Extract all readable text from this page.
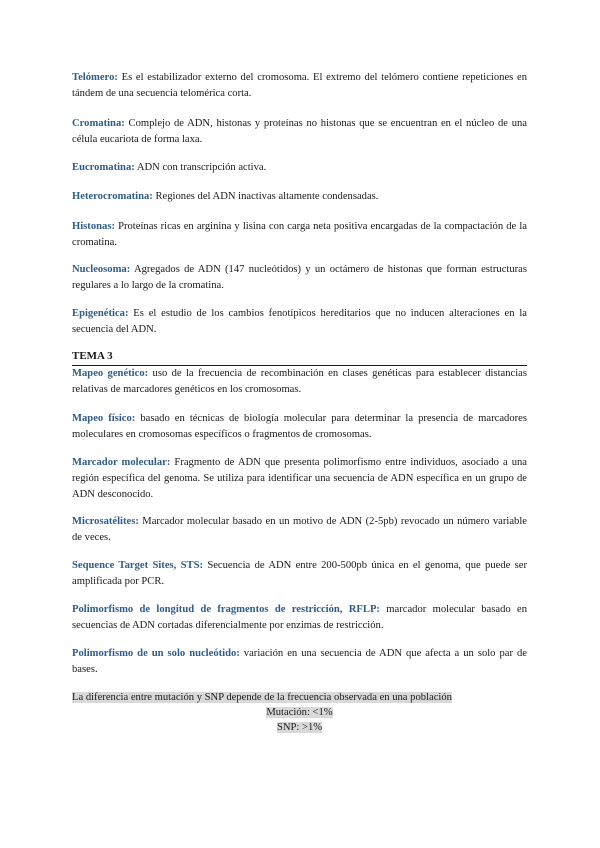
Telómero: Es el estabilizador externo del cromosoma. El extremo del telómero contiene repeticiones en tándem de una secuencia telomérica corta.
Cromatina: Complejo de ADN, histonas y proteínas no histonas que se encuentran en el núcleo de una célula eucariota de forma laxa.
Eucromatina: ADN con transcripción activa.
Heterocromatina: Regiones del ADN inactivas altamente condensadas.
Histonas: Proteínas ricas en arginina y lisina con carga neta positiva encargadas de la compactación de la cromatina.
Nucleosoma: Agregados de ADN (147 nucleótidos) y un octámero de histonas que forman estructuras regulares a lo largo de la cromatina.
Epigenética: Es el estudio de los cambios fenotípicos hereditarios que no inducen alteraciones en la secuencia del ADN.
TEMA 3
Mapeo genético: uso de la frecuencia de recombinación en clases genéticas para establecer distancias relativas de marcadores genéticos en los cromosomas.
Mapeo físico: basado en técnicas de biología molecular para determinar la presencia de marcadores moleculares en cromosomas específicos o fragmentos de cromosomas.
Marcador molecular: Fragmento de ADN que presenta polimorfismo entre individuos, asociado a una región específica del genoma. Se utiliza para identificar una secuencia de ADN específica en un grupo de ADN desconocido.
Microsatélites: Marcador molecular basado en un motivo de ADN (2-5pb) revocado un número variable de veces.
Sequence Target Sites, STS: Secuencia de ADN entre 200-500pb única en el genoma, que puede ser amplificada por PCR.
Polimorfismo de longitud de fragmentos de restricción, RFLP: marcador molecular basado en secuencias de ADN cortadas diferencialmente por enzimas de restricción.
Polimorfismo de un solo nucleótido: variación en una secuencia de ADN que afecta a un solo par de bases.
La diferencia entre mutación y SNP depende de la frecuencia observada en una población
Mutación: <1%
SNP: >1%
